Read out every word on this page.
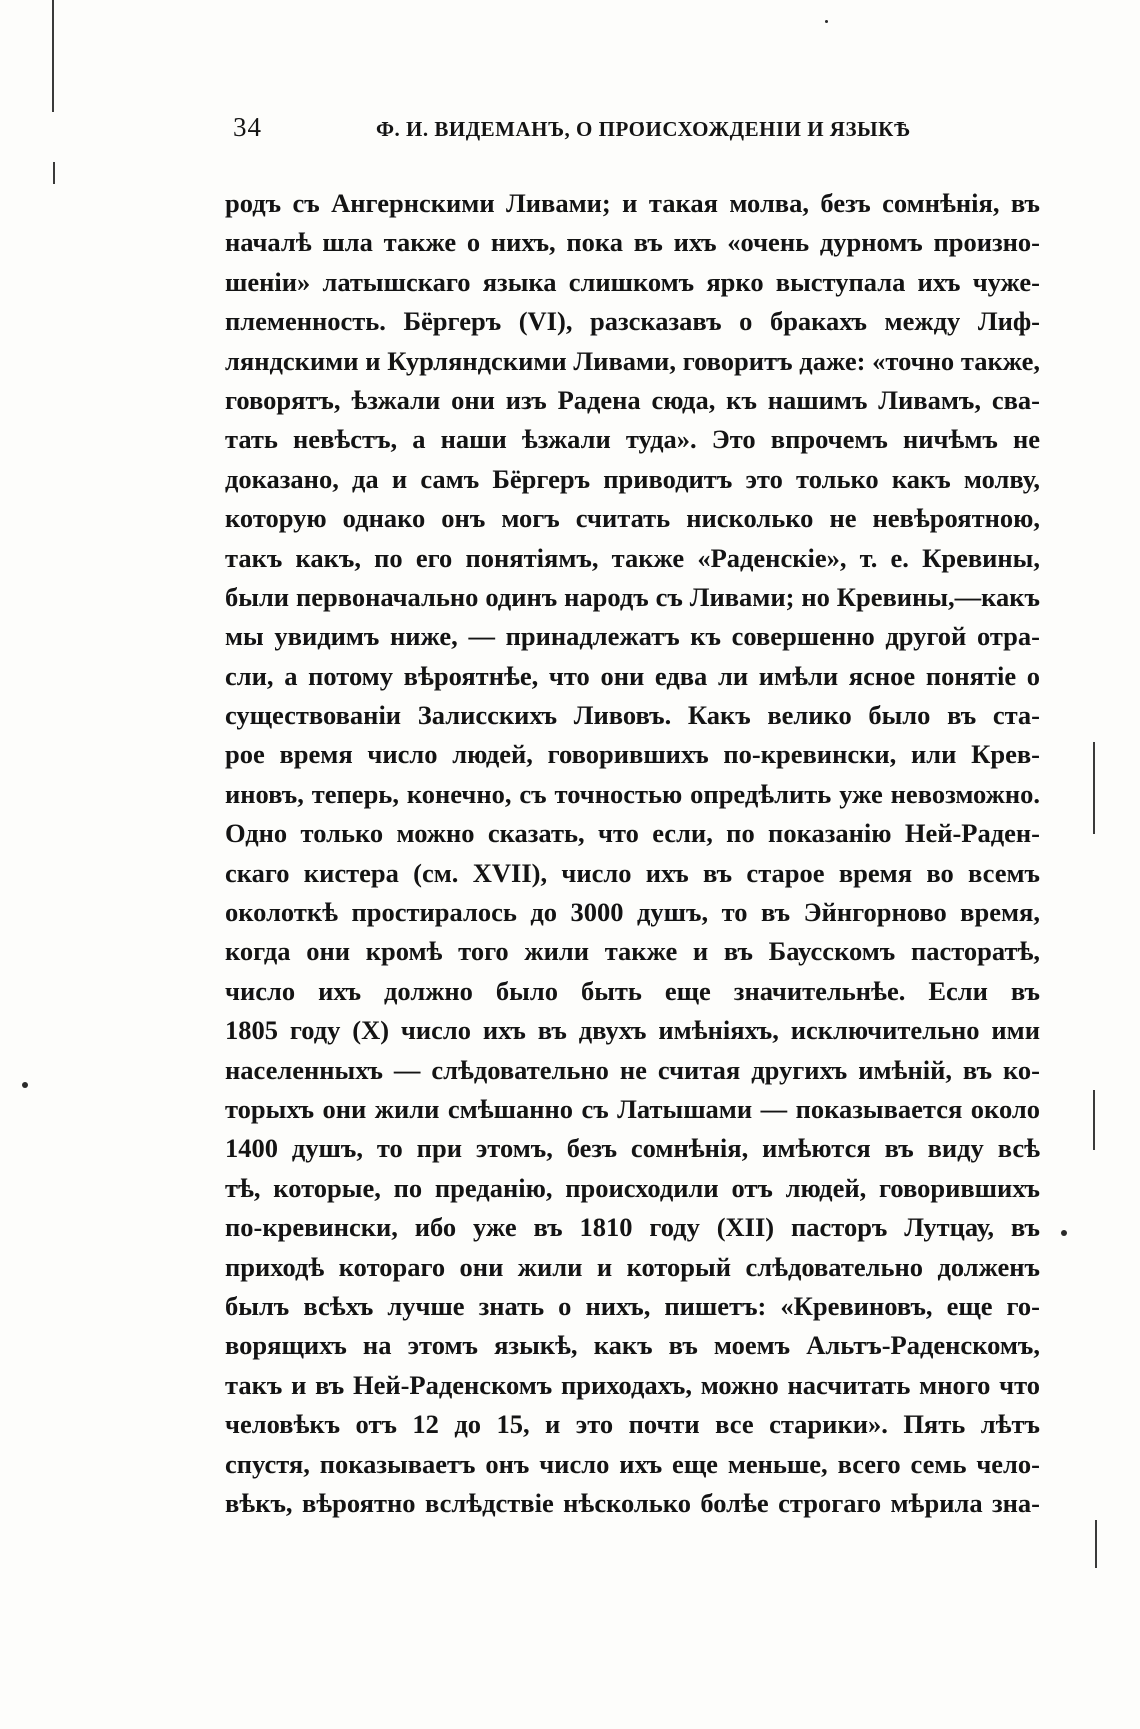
34	Ф. И. ВИДЕМАНЪ, О ПРОИСХОЖДЕНІИ И ЯЗЫКѢ
родъ съ Ангернскими Ливами; и такая молва, безъ сомнѣнія, въ
началѣ шла также о нихъ, пока въ ихъ «очень дурномъ произно-
шеніи» латышскаго языка слишкомъ ярко выступала ихъ чуже-
племенность. Бёргеръ (VI), разсказавъ о бракахъ между Лиф-
ляндскими и Курляндскими Ливами, говоритъ даже: «точно также,
говорятъ, ѣзжали они изъ Радена сюда, къ нашимъ Ливамъ, сва-
тать невѣстъ, а наши ѣзжали туда». Это впрочемъ ничѣмъ не
доказано, да и самъ Бёргеръ приводитъ это только какъ молву,
которую однако онъ могъ считать нисколько не невѣроятною,
такъ какъ, по его понятіямъ, также «Раденскіе», т. е. Кревины,
были первоначально одинъ народъ съ Ливами; но Кревины,—какъ
мы увидимъ ниже, — принадлежатъ къ совершенно другой отра-
сли, а потому вѣроятнѣе, что они едва ли имѣли ясное понятіе о
существованіи Залисскихъ Ливовъ. Какъ велико было въ ста-
рое время число людей, говорившихъ по-кревински, или Крев-
иновъ, теперь, конечно, съ точностью опредѣлить уже невозможно.
Одно только можно сказать, что если, по показанію Ней-Раден-
скаго кистера (см. XVII), число ихъ въ старое время во всемъ
околоткѣ простиралось до 3000 душъ, то въ Эйнгорново время,
когда они кромѣ того жили также и въ Баусскомъ пасторатѣ,
число ихъ должно было быть еще значительнѣе. Если въ
1805 году (X) число ихъ въ двухъ имѣніяхъ, исключительно ими
населенныхъ — слѣдовательно не считая другихъ имѣній, въ ко-
торыхъ они жили смѣшанно съ Латышами — показывается около
1400 душъ, то при этомъ, безъ сомнѣнія, имѣются въ виду всѣ
тѣ, которые, по преданію, происходили отъ людей, говорившихъ
по-кревински, ибо уже въ 1810 году (XII) пасторъ Лутцау, въ
приходѣ котораго они жили и который слѣдовательно долженъ
былъ всѣхъ лучше знать о нихъ, пишетъ: «Кревиновъ, еще го-
ворящихъ на этомъ языкѣ, какъ въ моемъ Альтъ-Раденскомъ,
такъ и въ Ней-Раденскомъ приходахъ, можно насчитать много что
человѣкъ отъ 12 до 15, и это почти все старики». Пять лѣтъ
спустя, показываетъ онъ число ихъ еще меньше, всего семь чело-
вѣкъ, вѣроятно вслѣдствіе нѣсколько болѣе строгаго мѣрила зна-
